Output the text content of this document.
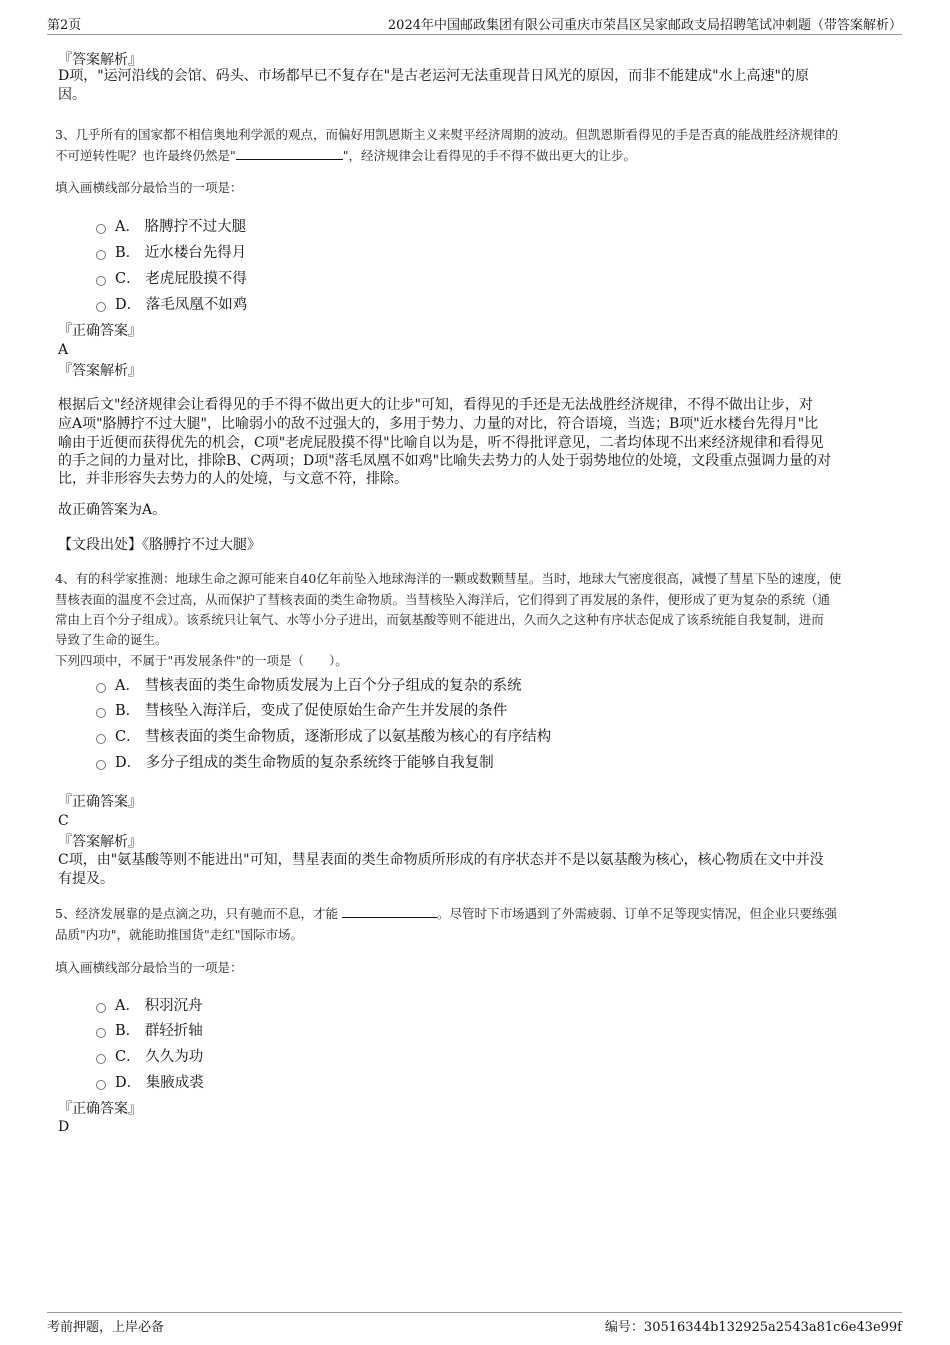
第2页	2024年中国邮政集团有限公司重庆市荣昌区吴家邮政支局招聘笔试冲刺题（带答案解析）
『答案解析』
D项，"运河沿线的会馆、码头、市场都早已不复存在"是古老运河无法重现昔日风光的原因，而非不能建成"水上高速"的原
因。
3、几乎所有的国家都不相信奥地利学派的观点，而偏好用凯恩斯主义来熨平经济周期的波动。但凯恩斯看得见的手是否真的能战胜经济规律的
不可逆转性呢？也许最终仍然是"	"，经济规律会让看得见的手不得不做出更大的让步。
填入画横线部分最恰当的一项是：
A． 胳膊拧不过大腿
B． 近水楼台先得月
C． 老虎屁股摸不得
D． 落毛凤凰不如鸡
『正确答案』
A
『答案解析』
根据后文"经济规律会让看得见的手不得不做出更大的让步"可知，看得见的手还是无法战胜经济规律，不得不做出让步，对
应A项"胳膊拧不过大腿"，比喻弱小的敌不过强大的，多用于势力、力量的对比，符合语境，当选；B项"近水楼台先得月"比
喻由于近便而获得优先的机会，C项"老虎屁股摸不得"比喻自以为是，听不得批评意见，二者均体现不出来经济规律和看得见
的手之间的力量对比，排除B、C两项；D项"落毛凤凰不如鸡"比喻失去势力的人处于弱势地位的处境，文段重点强调力量的对
比，并非形容失去势力的人的处境，与文意不符，排除。
故正确答案为A。
【文段出处】《胳膊拧不过大腿》
4、有的科学家推测：地球生命之源可能来自40亿年前坠入地球海洋的一颗或数颗彗星。当时，地球大气密度很高，减慢了彗星下坠的速度，使
彗核表面的温度不会过高，从而保护了彗核表面的类生命物质。当彗核坠入海洋后，它们得到了再发展的条件，便形成了更为复杂的系统（通
常由上百个分子组成）。该系统只让氧气、水等小分子进出，而氨基酸等则不能进出，久而久之这种有序状态促成了该系统能自我复制，进而
导致了生命的诞生。
下列四项中，不属于"再发展条件"的一项是（　　）。
A． 彗核表面的类生命物质发展为上百个分子组成的复杂的系统
B． 彗核坠入海洋后，变成了促使原始生命产生并发展的条件
C． 彗核表面的类生命物质，逐渐形成了以氨基酸为核心的有序结构
D． 多分子组成的类生命物质的复杂系统终于能够自我复制
『正确答案』
C
『答案解析』
C项，由"氨基酸等则不能进出"可知，彗星表面的类生命物质所形成的有序状态并不是以氨基酸为核心，核心物质在文中并没
有提及。
5、经济发展靠的是点滴之功，只有驰而不息，才能	。尽管时下市场遇到了外需疲弱、订单不足等现实情况，但企业只要练强
品质"内功"，就能助推国货"走红"国际市场。
填入画横线部分最恰当的一项是：
A． 积羽沉舟
B． 群轻折轴
C． 久久为功
D． 集腋成裘
『正确答案』
D
考前押题，上岸必备	编号：30516344b132925a2543a81c6e43e99f
